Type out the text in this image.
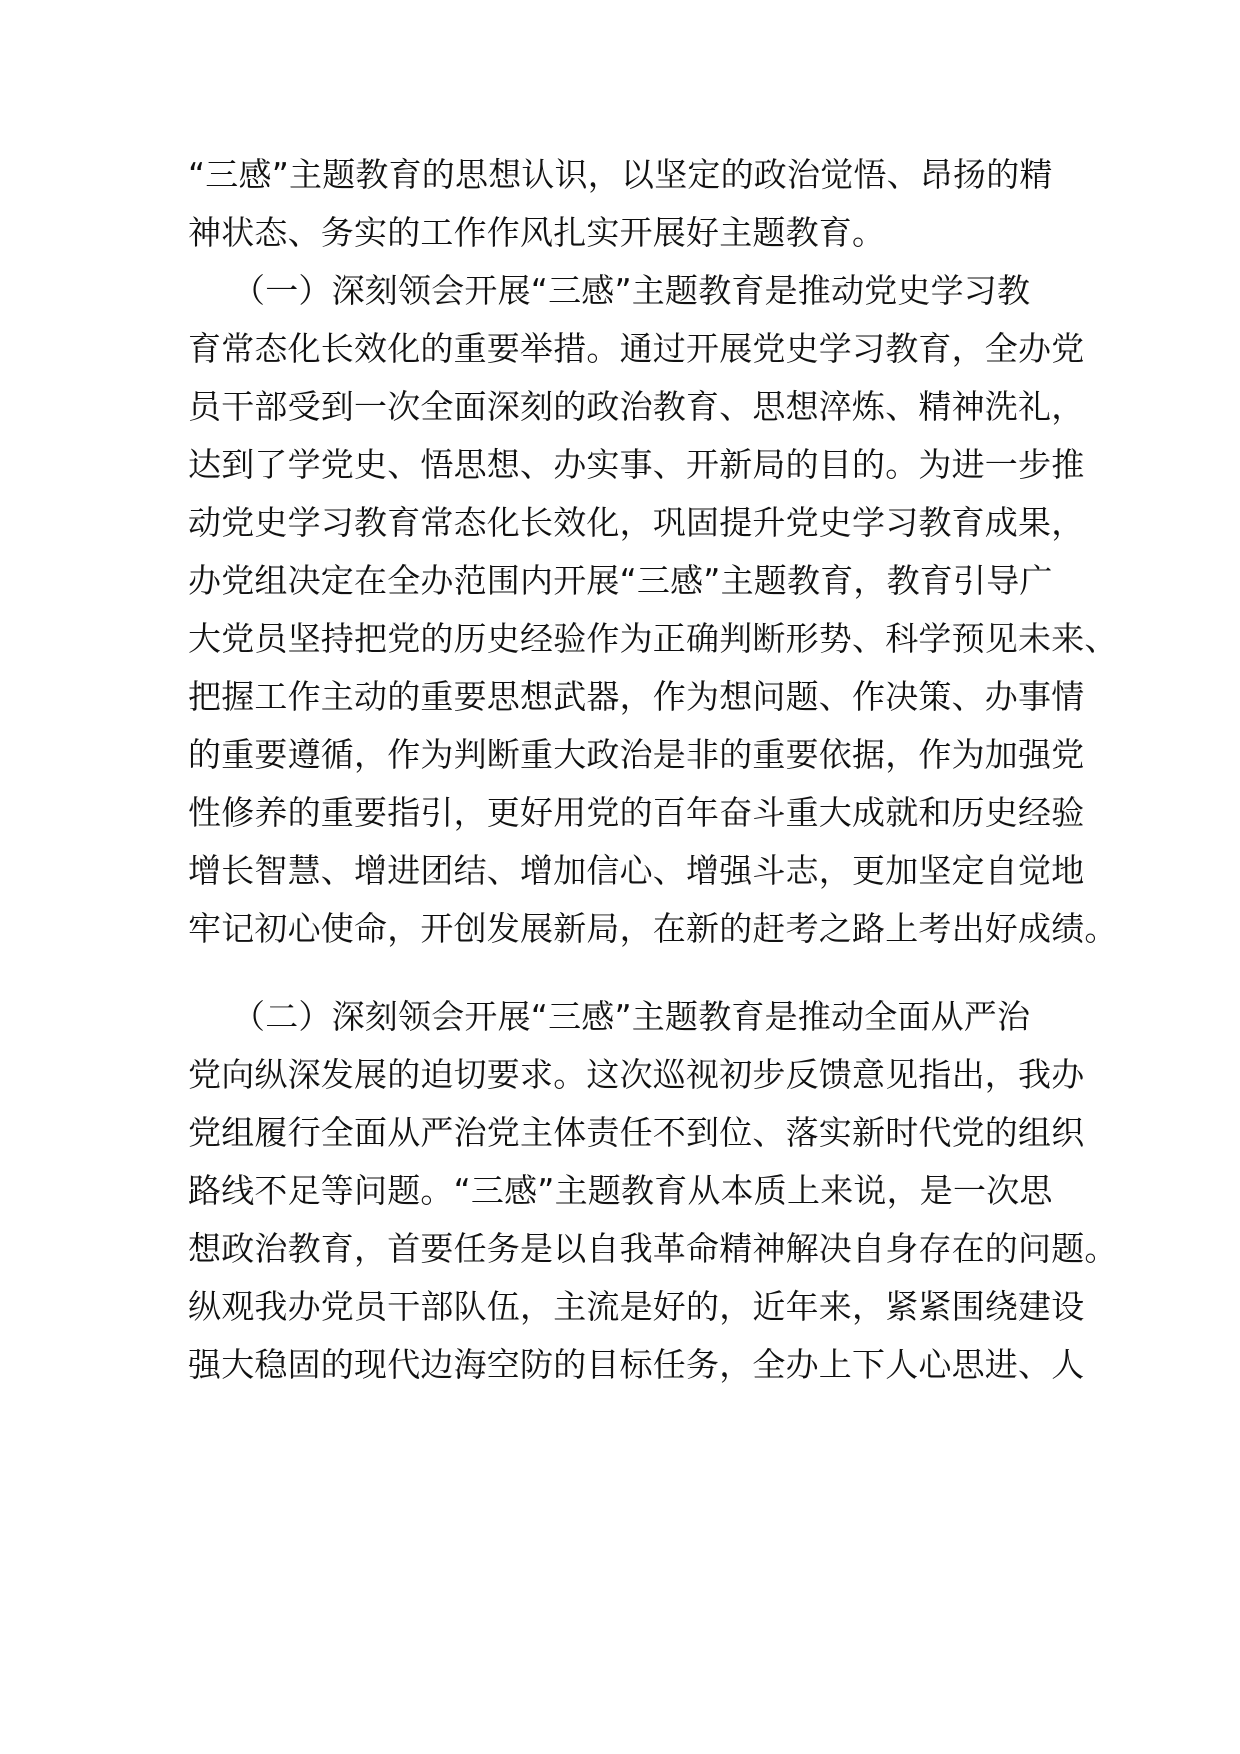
“三感”主题教育的思想认识，以坚定的政治觉悟、昂扬的精
神状态、务实的工作作风扎实开展好主题教育。
（一）深刻领会开展“三感”主题教育是推动党史学习教
育常态化长效化的重要举措。通过开展党史学习教育，全办党
员干部受到一次全面深刻的政治教育、思想淬炼、精神洗礼，
达到了学党史、悟思想、办实事、开新局的目的。为进一步推
动党史学习教育常态化长效化，巩固提升党史学习教育成果，
办党组决定在全办范围内开展“三感”主题教育，教育引导广
大党员坚持把党的历史经验作为正确判断形势、科学预见未来、
把握工作主动的重要思想武器，作为想问题、作决策、办事情
的重要遵循，作为判断重大政治是非的重要依据，作为加强党
性修养的重要指引，更好用党的百年奋斗重大成就和历史经验
增长智慧、增进团结、增加信心、增强斗志，更加坚定自觉地
牢记初心使命，开创发展新局，在新的赶考之路上考出好成绩。
（二）深刻领会开展“三感”主题教育是推动全面从严治
党向纵深发展的迫切要求。这次巡视初步反馈意见指出，我办
党组履行全面从严治党主体责任不到位、落实新时代党的组织
路线不足等问题。“三感”主题教育从本质上来说，是一次思
想政治教育，首要任务是以自我革命精神解决自身存在的问题。
纵观我办党员干部队伍，主流是好的，近年来，紧紧围绕建设
强大稳固的现代边海空防的目标任务，全办上下人心思进、人
